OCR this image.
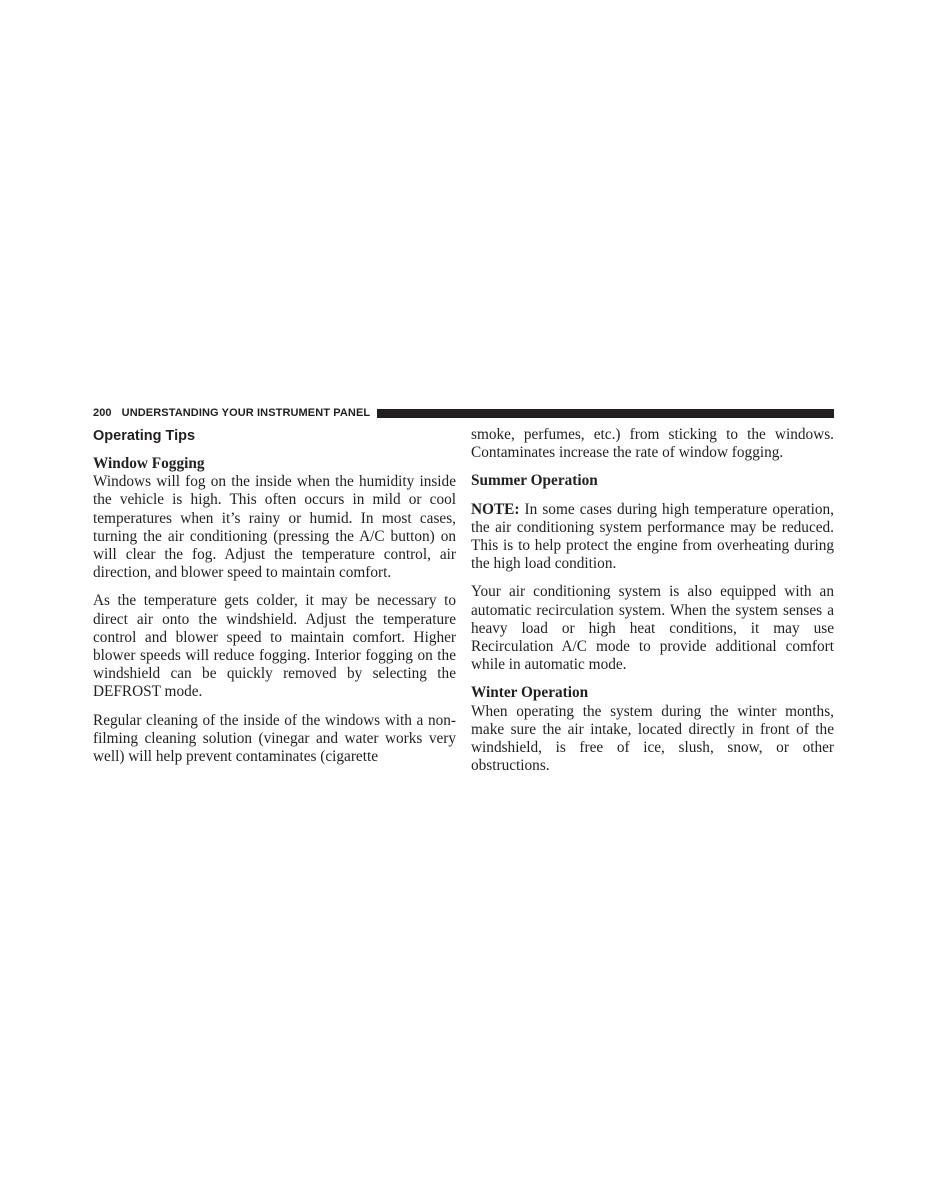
200 UNDERSTANDING YOUR INSTRUMENT PANEL
Operating Tips
Window Fogging

Windows will fog on the inside when the humidity inside the vehicle is high. This often occurs in mild or cool temperatures when it’s rainy or humid. In most cases, turning the air conditioning (pressing the A/C button) on will clear the fog. Adjust the temperature control, air direction, and blower speed to maintain comfort.

As the temperature gets colder, it may be necessary to direct air onto the windshield. Adjust the temperature control and blower speed to maintain comfort. Higher blower speeds will reduce fogging. Interior fogging on the windshield can be quickly removed by selecting the DEFROST mode.

Regular cleaning of the inside of the windows with a non-filming cleaning solution (vinegar and water works very well) will help prevent contaminates (cigarette

smoke, perfumes, etc.) from sticking to the windows. Contaminates increase the rate of window fogging.

Summer Operation

NOTE: In some cases during high temperature operation, the air conditioning system performance may be reduced. This is to help protect the engine from overheating during the high load condition.

Your air conditioning system is also equipped with an automatic recirculation system. When the system senses a heavy load or high heat conditions, it may use Recirculation A/C mode to provide additional comfort while in automatic mode.

Winter Operation

When operating the system during the winter months, make sure the air intake, located directly in front of the windshield, is free of ice, slush, snow, or other obstructions.
